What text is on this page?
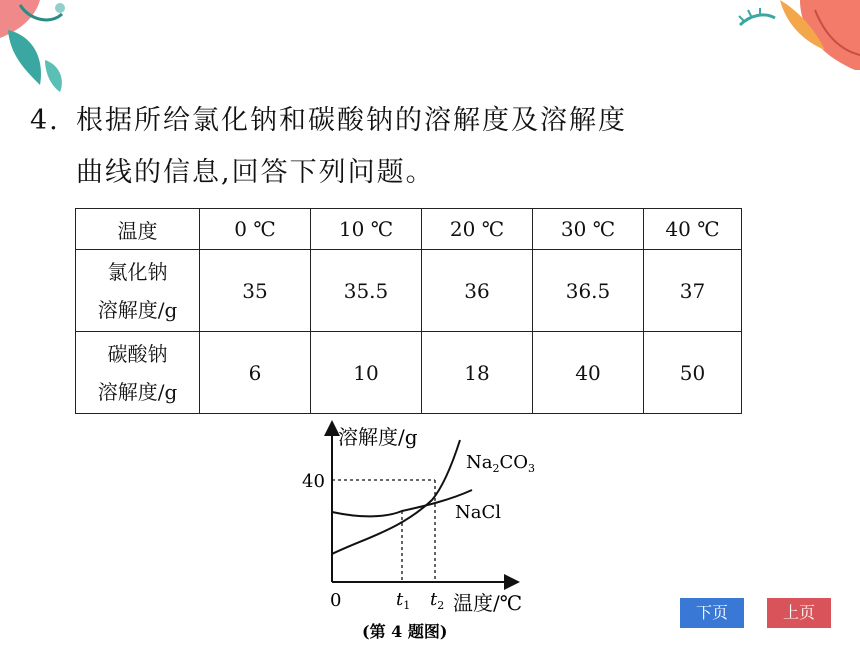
4. 根据所给氯化钠和碳酸钠的溶解度及溶解度
曲线的信息,回答下列问题。
温度	0 ℃	10 ℃	20 ℃	30 ℃	40 ℃

氯化钠
溶解度/g	35	35.5	36	36.5	37

碳酸钠
溶解度/g	6	10	18	40	50
溶解度/g
40
0	$t_1$ $t_2$ 温度/℃
$Na_2CO_3$
NaCl
(第 4 题图)
下页	上页
